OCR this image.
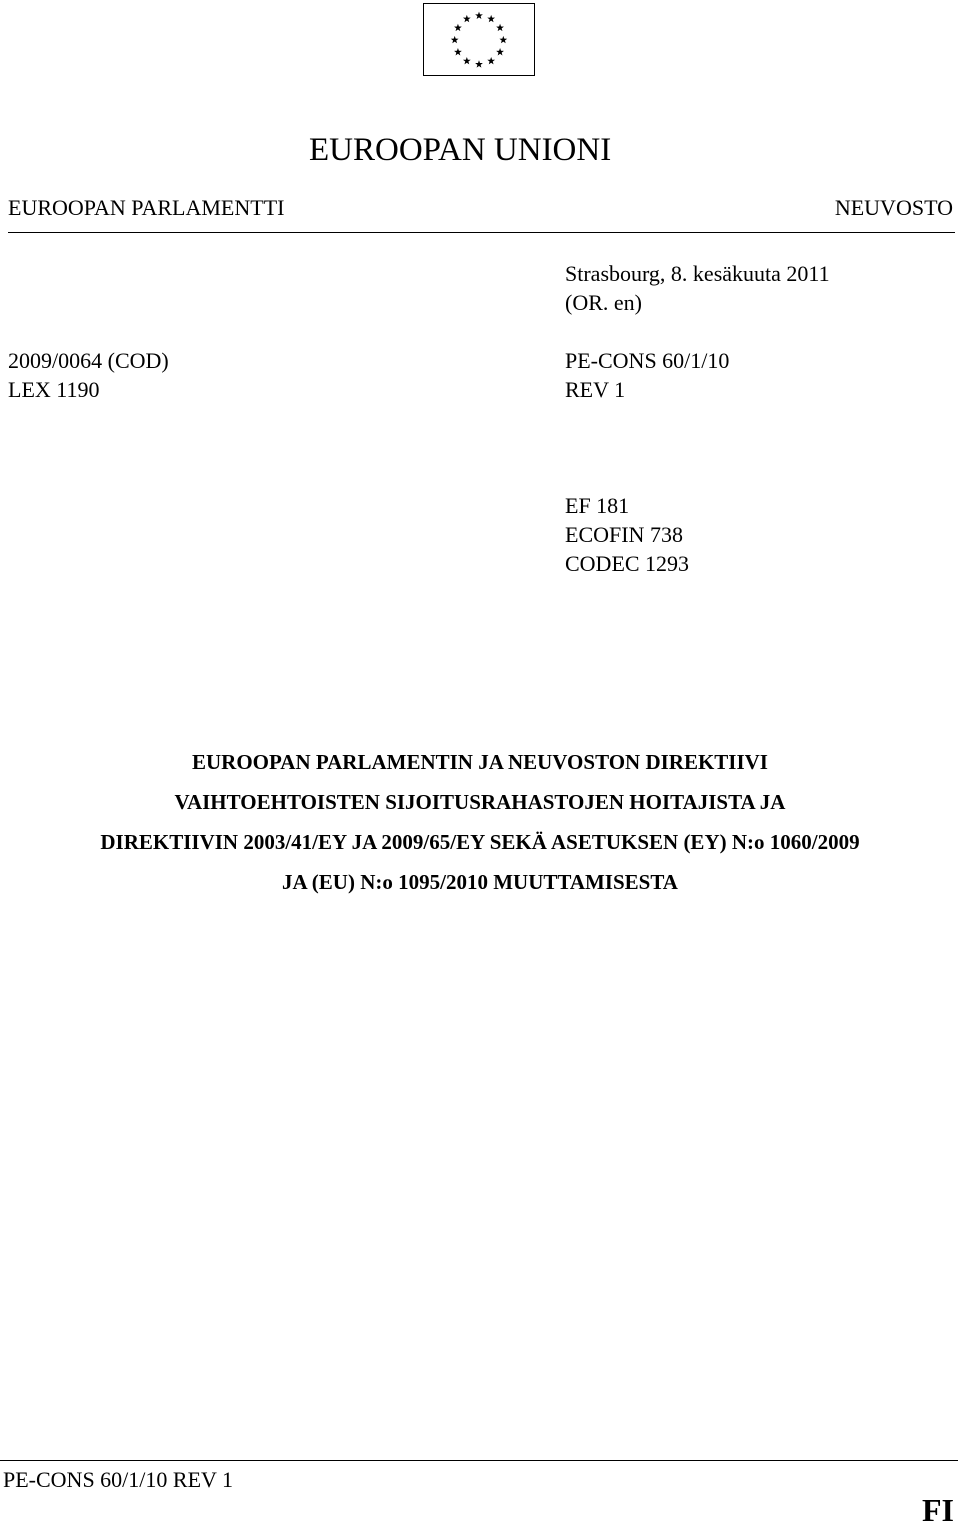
EUROOPAN UNIONI
EUROOPAN PARLAMENTTI	NEUVOSTO
Strasbourg, 8. kesäkuuta 2011
(OR. en)
2009/0064 (COD)
LEX 1190
PE-CONS 60/1/10
REV 1
EF 181
ECOFIN 738
CODEC 1293
EUROOPAN PARLAMENTIN JA NEUVOSTON DIREKTIIVI
VAIHTOEHTOISTEN SIJOITUSRAHASTOJEN HOITAJISTA JA
DIREKTIIVIN 2003/41/EY JA 2009/65/EY SEKÄ ASETUKSEN (EY) N:o 1060/2009
JA (EU) N:o 1095/2010 MUUTTAMISESTA
PE-CONS 60/1/10 REV 1
FI
